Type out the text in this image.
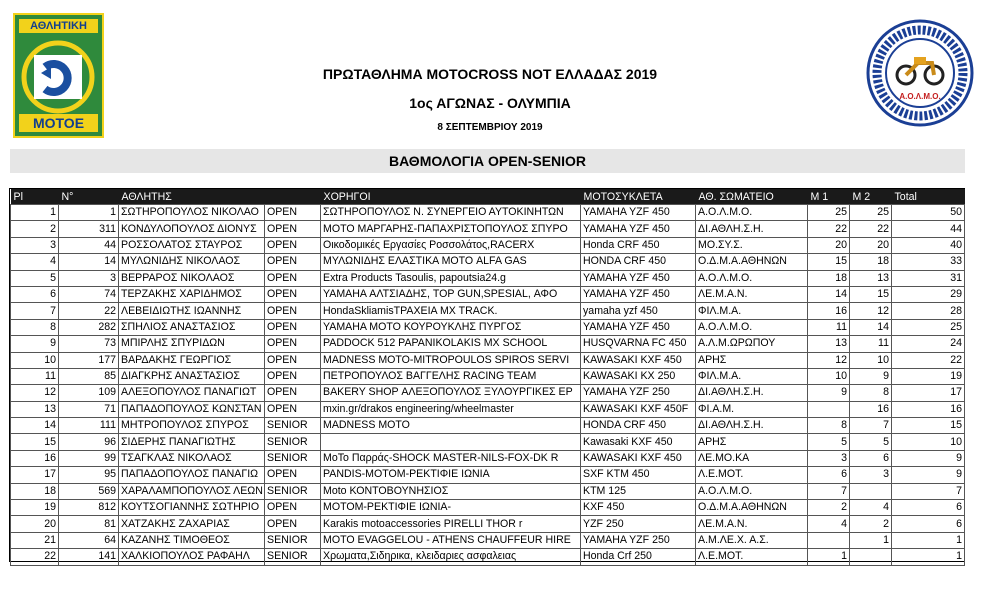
ΑΘΛΗΤΙΚΗ
MOTOE
Α.Ο.Λ.Μ.Ο.
ΠΡΩΤΑΘΛΗΜΑ MOTOCROSS NOT ΕΛΛΑΔΑΣ 2019
1ος ΑΓΩΝΑΣ - ΟΛΥΜΠΙΑ
8 ΣΕΠΤΕΜΒΡΙΟΥ 2019
ΒΑΘΜΟΛΟΓΙΑ OPEN-SENIOR
Pl	N°	ΑΘΛΗΤΗΣ		ΧΟΡΗΓΟΙ	ΜΟΤΟΣΥΚΛΕΤΑ	ΑΘ. ΣΩΜΑΤΕΙΟ	Μ 1	Μ 2	Total
1	1	ΣΩΤΗΡΟΠΟΥΛΟΣ ΝΙΚΟΛΑΟ	OPEN	ΣΩΤΗΡΟΠΟΥΛΟΣ Ν. ΣΥΝΕΡΓΕΙΟ ΑΥΤΟΚΙΝΗΤΩΝ	YAMAHA YZF 450	Α.Ο.Λ.Μ.Ο.	25	25	50
2	311	ΚΟΝΔΥΛΟΠΟΥΛΟΣ ΔΙΟΝΥΣ	OPEN	ΜΟΤΟ ΜΑΡΓΑΡΗΣ-ΠΑΠΑΧΡΙΣΤΟΠΟΥΛΟΣ ΣΠΥΡΟ	YAMAHA YZF 450	ΔΙ.ΑΘΛΗ.Σ.Η.	22	22	44
3	44	ΡΟΣΣΟΛΑΤΟΣ ΣΤΑΥΡΟΣ	OPEN	Οικοδομικές Εργασίες Ροσσολάτος,RACERX	Honda CRF 450	ΜΟ.ΣΥ.Σ.	20	20	40
4	14	ΜΥΛΩΝΙΔΗΣ ΝΙΚΟΛΑΟΣ	OPEN	ΜΥΛΩΝΙΔΗΣ ΕΛΑΣΤΙΚΑ ΜΟΤΟ ALFA GAS	HONDA CRF 450	Ο.Δ.Μ.Α.ΑΘΗΝΩΝ	15	18	33
5	3	ΒΕΡΡΑΡΟΣ ΝΙΚΟΛΑΟΣ	OPEN	Extra Products Tasoulis, papoutsia24.g	YAMAHA YZF 450	Α.Ο.Λ.Μ.Ο.	18	13	31
6	74	ΤΕΡΖΑΚΗΣ ΧΑΡΙΔΗΜΟΣ	OPEN	YAMAHA ΑΛΤΣΙΑΔΗΣ, TOP GUN,SPESIAL, ΑΦΟ	YAMAHA YZF 450	ΛΕ.Μ.Α.Ν.	14	15	29
7	22	ΛΕΒΕΙΔΙΩΤΗΣ ΙΩΑΝΝΗΣ	OPEN	HondaSkliamisΤΡΑΧΕΙΑ MX TRACK.	yamaha yzf 450	ΦΙΛ.Μ.Α.	16	12	28
8	282	ΣΠΗΛΙΟΣ ΑΝΑΣΤΑΣΙΟΣ	OPEN	YAMAHA ΜΟΤΟ ΚΟΥΡΟΥΚΛΗΣ ΠΥΡΓΟΣ	YAMAHA YZF 450	Α.Ο.Λ.Μ.Ο.	11	14	25
9	73	ΜΠΙΡΛΗΣ ΣΠΥΡΙΔΩΝ	OPEN	PADDOCK 512 PAPANIKOLAKIS MX SCHOOL	HUSQVARNA FC 450	Α.Λ.Μ.ΩΡΩΠΟΥ	13	11	24
10	177	ΒΑΡΔΑΚΗΣ ΓΕΩΡΓΙΟΣ	OPEN	MADNESS MOTO-MITROPOULOS SPIROS SERVI	KAWASAKI KXF 450	ΑΡΗΣ	12	10	22
11	85	ΔΙΑΓΚΡΗΣ ΑΝΑΣΤΑΣΙΟΣ	OPEN	ΠΕΤΡΟΠΟΥΛΟΣ ΒΑΓΓΕΛΗΣ RACING TEAM	KAWASAKI KX 250	ΦΙΛ.Μ.Α.	10	9	19
12	109	ΑΛΕΞΟΠΟΥΛΟΣ ΠΑΝΑΓΙΩΤ	OPEN	BAKERY SHOP ΑΛΕΞΟΠΟΥΛΟΣ ΞΥΛΟΥΡΓΙΚΕΣ ΕΡ	YAMAHA YZF 250	ΔΙ.ΑΘΛΗ.Σ.Η.	9	8	17
13	71	ΠΑΠΑΔΟΠΟΥΛΟΣ ΚΩΝΣΤΑΝ	OPEN	mxin.gr/drakos engineering/wheelmaster	KAWASAKI KXF 450F	ΦΙ.Α.Μ.		16	16
14	111	ΜΗΤΡΟΠΟΥΛΟΣ ΣΠΥΡΟΣ	SENIOR	MADNESS MOTO	HONDA CRF 450	ΔΙ.ΑΘΛΗ.Σ.Η.	8	7	15
15	96	ΣΙΔΕΡΗΣ ΠΑΝΑΓΙΩΤΗΣ	SENIOR		Kawasaki KXF 450	ΑΡΗΣ	5	5	10
16	99	ΤΣΑΓΚΛΑΣ ΝΙΚΟΛΑΟΣ	SENIOR	MoTo Παρράς-SHOCK MASTER-NILS-FOX-DK R	KAWASAKI KXF 450	ΛΕ.ΜΟ.ΚΑ	3	6	9
17	95	ΠΑΠΑΔΟΠΟΥΛΟΣ ΠΑΝΑΓΙΩ	OPEN	PANDIS-MOTOM-ΡΕΚΤΙΦΙΕ ΙΩΝΙΑ	SXF KTM 450	Λ.Ε.ΜΟΤ.	6	3	9
18	569	ΧΑΡΑΛΑΜΠΟΠΟΥΛΟΣ ΛΕΩΝ	SENIOR	Moto ΚΟΝΤΟΒΟΥΝΗΣΙΟΣ	KTM 125	Α.Ο.Λ.Μ.Ο.	7		7
19	812	ΚΟΥΤΣΟΓΙΑΝΝΗΣ ΣΩΤΗΡΙΟ	OPEN	MOTOM-ΡΕΚΤΙΦΙΕ ΙΩΝΙΑ-	KXF 450	Ο.Δ.Μ.Α.ΑΘΗΝΩΝ	2	4	6
20	81	ΧΑΤΖΑΚΗΣ ΖΑΧΑΡΙΑΣ	OPEN	Karakis motoaccessories PIRELLI THOR r	YZF 250	ΛΕ.Μ.Α.Ν.	4	2	6
21	64	ΚΑΖΑΝΗΣ ΤΙΜΟΘΕΟΣ	SENIOR	MOTO EVAGGELOU - ATHENS CHAUFFEUR HIRE	YAMAHA YZF 250	Α.Μ.ΛΕ.Χ. Α.Σ.		1	1
22	141	ΧΑΛΚΙΟΠΟΥΛΟΣ ΡΑΦΑΗΛ	SENIOR	Χρωματα,Σιδηρικα, κλειδαριες ασφαλειας	Honda Crf 250	Λ.Ε.ΜΟΤ.	1		1
